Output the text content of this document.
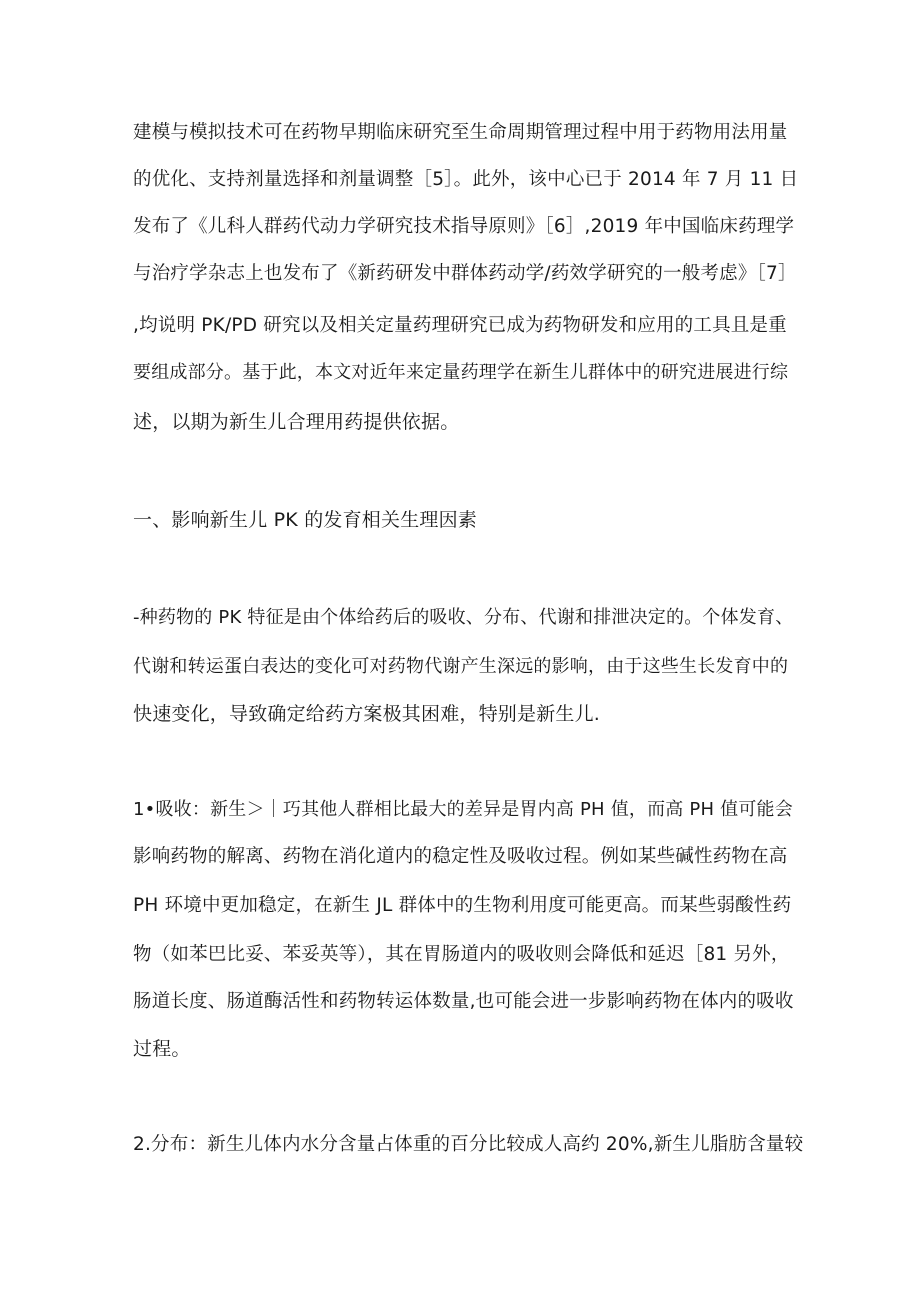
建模与模拟技术可在药物早期临床研究至生命周期管理过程中用于药物用法用量
的优化、支持剂量选择和剂量调整［5］。此外，该中心已于 2014 年 7 月 11 日
发布了《儿科人群药代动力学研究技术指导原则》［6］,2019 年中国临床药理学
与治疗学杂志上也发布了《新药研发中群体药动学/药效学研究的一般考虑》［7］
,均说明 PK/PD 研究以及相关定量药理研究已成为药物研发和应用的工具且是重
要组成部分。基于此，本文对近年来定量药理学在新生儿群体中的研究进展进行综
述，以期为新生儿合理用药提供依据。
一、影响新生儿 PK 的发育相关生理因素
-种药物的 PK 特征是由个体给药后的吸收、分布、代谢和排泄决定的。个体发育、
代谢和转运蛋白表达的变化可对药物代谢产生深远的影响，由于这些生长发育中的
快速变化，导致确定给药方案极其困难，特别是新生儿.
1•吸收：新生＞｜巧其他人群相比最大的差异是胃内高 PH 值，而高 PH 值可能会
影响药物的解离、药物在消化道内的稳定性及吸收过程。例如某些碱性药物在高
PH 环境中更加稳定，在新生 JL 群体中的生物利用度可能更高。而某些弱酸性药
物（如苯巴比妥、苯妥英等），其在胃肠道内的吸收则会降低和延迟［81 另外，
肠道长度、肠道酶活性和药物转运体数量,也可能会进一步影响药物在体内的吸收
过程。
2.分布：新生儿体内水分含量占体重的百分比较成人高约 20%,新生儿脂肪含量较
